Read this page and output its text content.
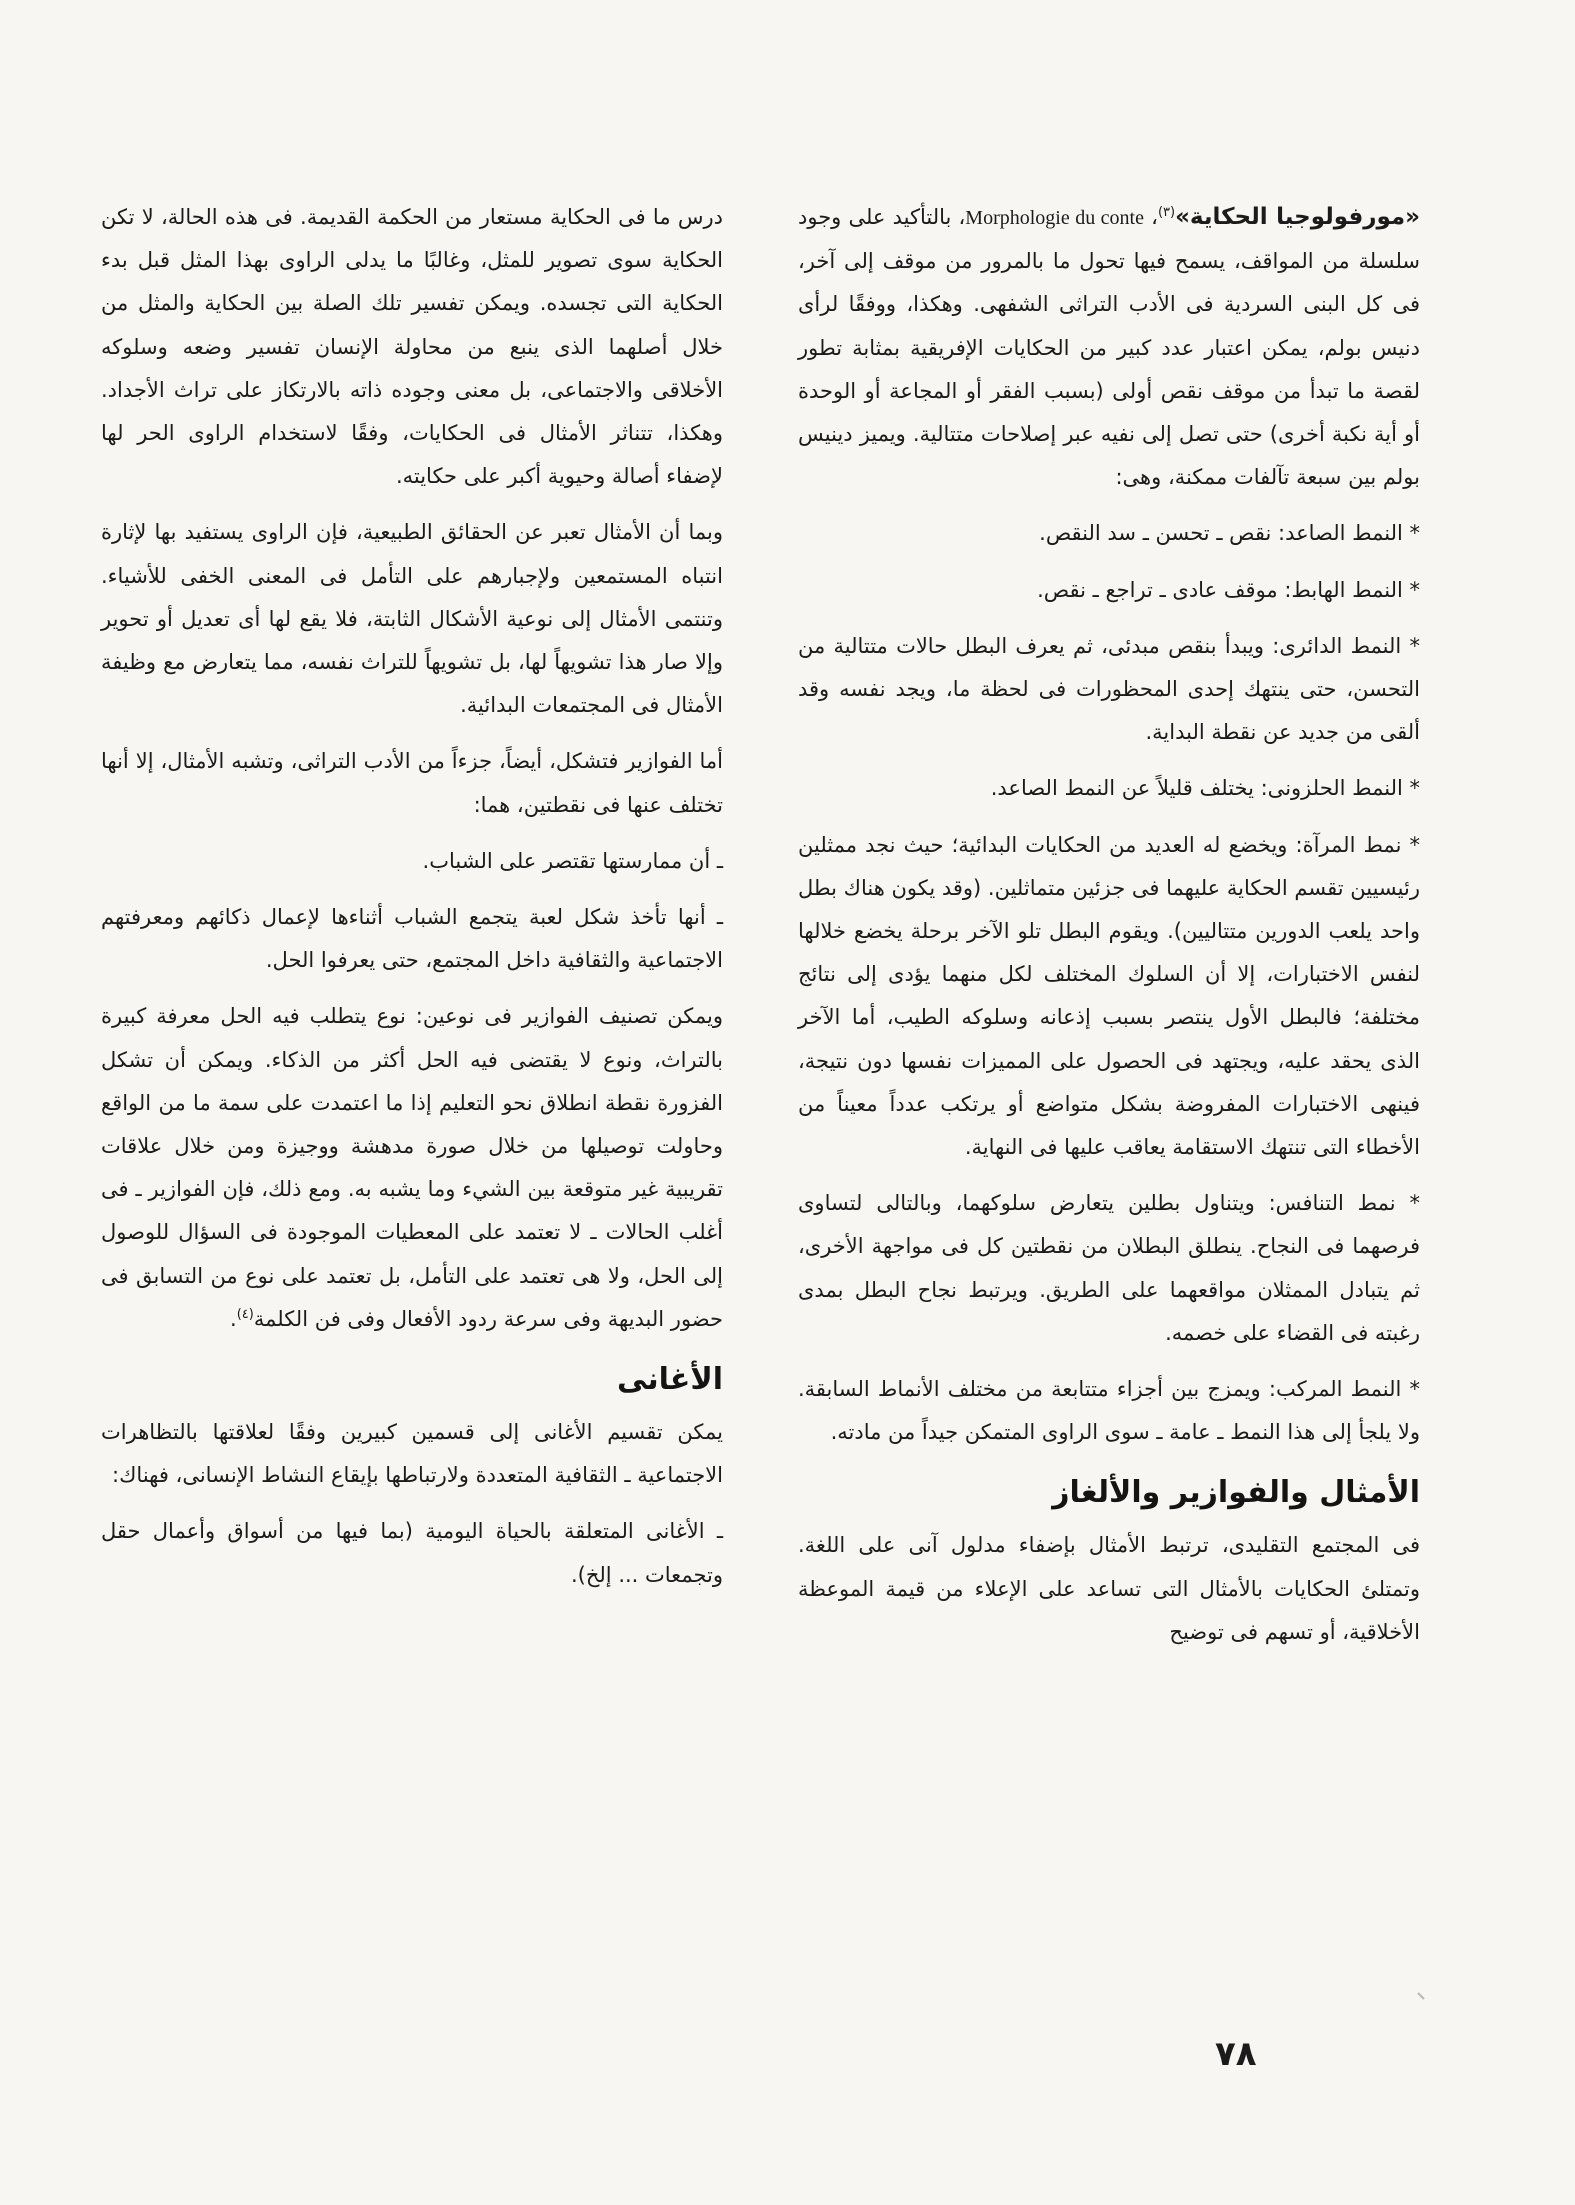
«مورفولوجيا الحكاية»$^{(٣)}$، Morphologie du conte، بالتأكيد على وجود سلسلة من المواقف، يسمح فيها تحول ما بالمرور من موقف إلى آخر، فى كل البنى السردية فى الأدب التراثى الشفهى. وهكذا، ووفقًا لرأى دنيس بولم، يمكن اعتبار عدد كبير من الحكايات الإفريقية بمثابة تطور لقصة ما تبدأ من موقف نقص أولى (بسبب الفقر أو المجاعة أو الوحدة أو أية نكبة أخرى) حتى تصل إلى نفيه عبر إصلاحات متتالية. ويميز دينيس بولم بين سبعة تآلفات ممكنة، وهى:

* النمط الصاعد: نقص ـ تحسن ـ سد النقص.

* النمط الهابط: موقف عادى ـ تراجع ـ نقص.

* النمط الدائرى: ويبدأ بنقص مبدئى، ثم يعرف البطل حالات متتالية من التحسن، حتى ينتهك إحدى المحظورات فى لحظة ما، ويجد نفسه وقد ألقى من جديد عن نقطة البداية.

* النمط الحلزونى: يختلف قليلاً عن النمط الصاعد.

* نمط المرآة: ويخضع له العديد من الحكايات البدائية؛ حيث نجد ممثلين رئيسيين تقسم الحكاية عليهما فى جزئين متماثلين. (وقد يكون هناك بطل واحد يلعب الدورين متتاليين). ويقوم البطل تلو الآخر برحلة يخضع خلالها لنفس الاختبارات، إلا أن السلوك المختلف لكل منهما يؤدى إلى نتائج مختلفة؛ فالبطل الأول ينتصر بسبب إذعانه وسلوكه الطيب، أما الآخر الذى يحقد عليه، ويجتهد فى الحصول على المميزات نفسها دون نتيجة، فينهى الاختبارات المفروضة بشكل متواضع أو يرتكب عدداً معيناً من الأخطاء التى تنتهك الاستقامة يعاقب عليها فى النهاية.

* نمط التنافس: ويتناول بطلين يتعارض سلوكهما، وبالتالى لتساوى فرصهما فى النجاح. ينطلق البطلان من نقطتين كل فى مواجهة الأخرى، ثم يتبادل الممثلان مواقعهما على الطريق. ويرتبط نجاح البطل بمدى رغبته فى القضاء على خصمه.

* النمط المركب: ويمزج بين أجزاء متتابعة من مختلف الأنماط السابقة. ولا يلجأ إلى هذا النمط ـ عامة ـ سوى الراوى المتمكن جيداً من مادته.

الأمثال والفوازير والألغاز

فى المجتمع التقليدى، ترتبط الأمثال بإضفاء مدلول آنى على اللغة. وتمتلئ الحكايات بالأمثال التى تساعد على الإعلاء من قيمة الموعظة الأخلاقية، أو تسهم فى توضيح

درس ما فى الحكاية مستعار من الحكمة القديمة. فى هذه الحالة، لا تكن الحكاية سوى تصوير للمثل، وغالبًا ما يدلى الراوى بهذا المثل قبل بدء الحكاية التى تجسده. ويمكن تفسير تلك الصلة بين الحكاية والمثل من خلال أصلهما الذى ينبع من محاولة الإنسان تفسير وضعه وسلوكه الأخلاقى والاجتماعى، بل معنى وجوده ذاته بالارتكاز على تراث الأجداد. وهكذا، تتناثر الأمثال فى الحكايات، وفقًا لاستخدام الراوى الحر لها لإضفاء أصالة وحيوية أكبر على حكايته.

وبما أن الأمثال تعبر عن الحقائق الطبيعية، فإن الراوى يستفيد بها لإثارة انتباه المستمعين ولإجبارهم على التأمل فى المعنى الخفى للأشياء. وتنتمى الأمثال إلى نوعية الأشكال الثابتة، فلا يقع لها أى تعديل أو تحوير وإلا صار هذا تشويهاً لها، بل تشويهاً للتراث نفسه، مما يتعارض مع وظيفة الأمثال فى المجتمعات البدائية.

أما الفوازير فتشكل، أيضاً، جزءاً من الأدب التراثى، وتشبه الأمثال، إلا أنها تختلف عنها فى نقطتين، هما:

ـ أن ممارستها تقتصر على الشباب.

ـ أنها تأخذ شكل لعبة يتجمع الشباب أثناءها لإعمال ذكائهم ومعرفتهم الاجتماعية والثقافية داخل المجتمع، حتى يعرفوا الحل.

ويمكن تصنيف الفوازير فى نوعين: نوع يتطلب فيه الحل معرفة كبيرة بالتراث، ونوع لا يقتضى فيه الحل أكثر من الذكاء. ويمكن أن تشكل الفزورة نقطة انطلاق نحو التعليم إذا ما اعتمدت على سمة ما من الواقع وحاولت توصيلها من خلال صورة مدهشة ووجيزة ومن خلال علاقات تقريبية غير متوقعة بين الشيء وما يشبه به. ومع ذلك، فإن الفوازير ـ فى أغلب الحالات ـ لا تعتمد على المعطيات الموجودة فى السؤال للوصول إلى الحل، ولا هى تعتمد على التأمل، بل تعتمد على نوع من التسابق فى حضور البديهة وفى سرعة ردود الأفعال وفى فن الكلمة$^{(٤)}$.

الأغانى

يمكن تقسيم الأغانى إلى قسمين كبيرين وفقًا لعلاقتها بالتظاهرات الاجتماعية ـ الثقافية المتعددة ولارتباطها بإيقاع النشاط الإنسانى، فهناك:

ـ الأغانى المتعلقة بالحياة اليومية (بما فيها من أسواق وأعمال حقل وتجمعات ... إلخ).

٧٨
